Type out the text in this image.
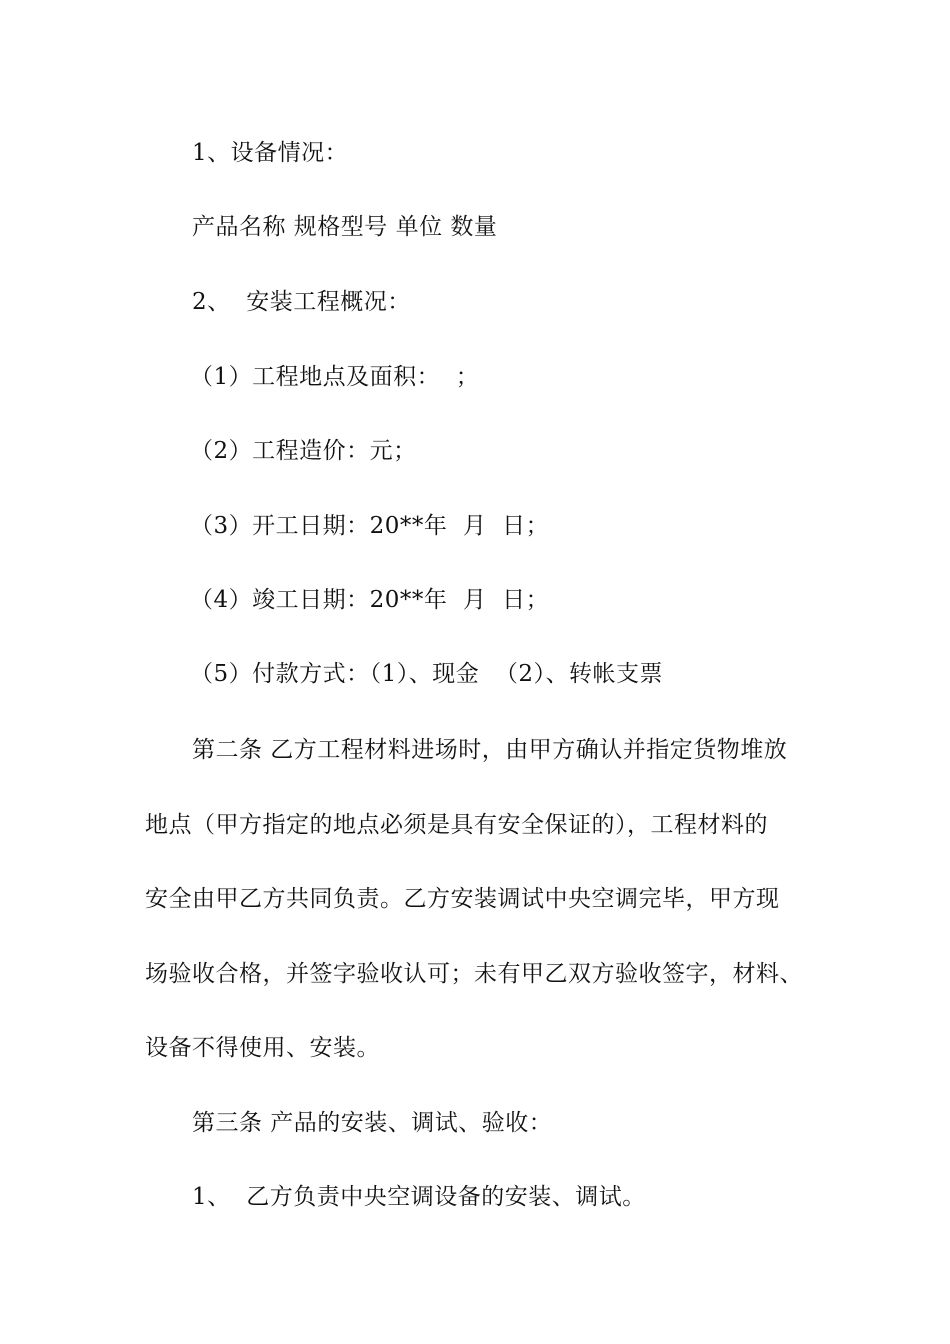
1、设备情况：
产品名称 规格型号 单位 数量
2、  安装工程概况：
（1）工程地点及面积：  ；
（2）工程造价：元；
（3）开工日期：20**年  月  日；
（4）竣工日期：20**年  月  日；
（5）付款方式：（1）、现金  （2）、转帐支票
第二条 乙方工程材料进场时，由甲方确认并指定货物堆放
地点（甲方指定的地点必须是具有安全保证的），工程材料的
安全由甲乙方共同负责。乙方安装调试中央空调完毕，甲方现
场验收合格，并签字验收认可；未有甲乙双方验收签字，材料、
设备不得使用、安装。
第三条 产品的安装、调试、验收：
1、  乙方负责中央空调设备的安装、调试。
